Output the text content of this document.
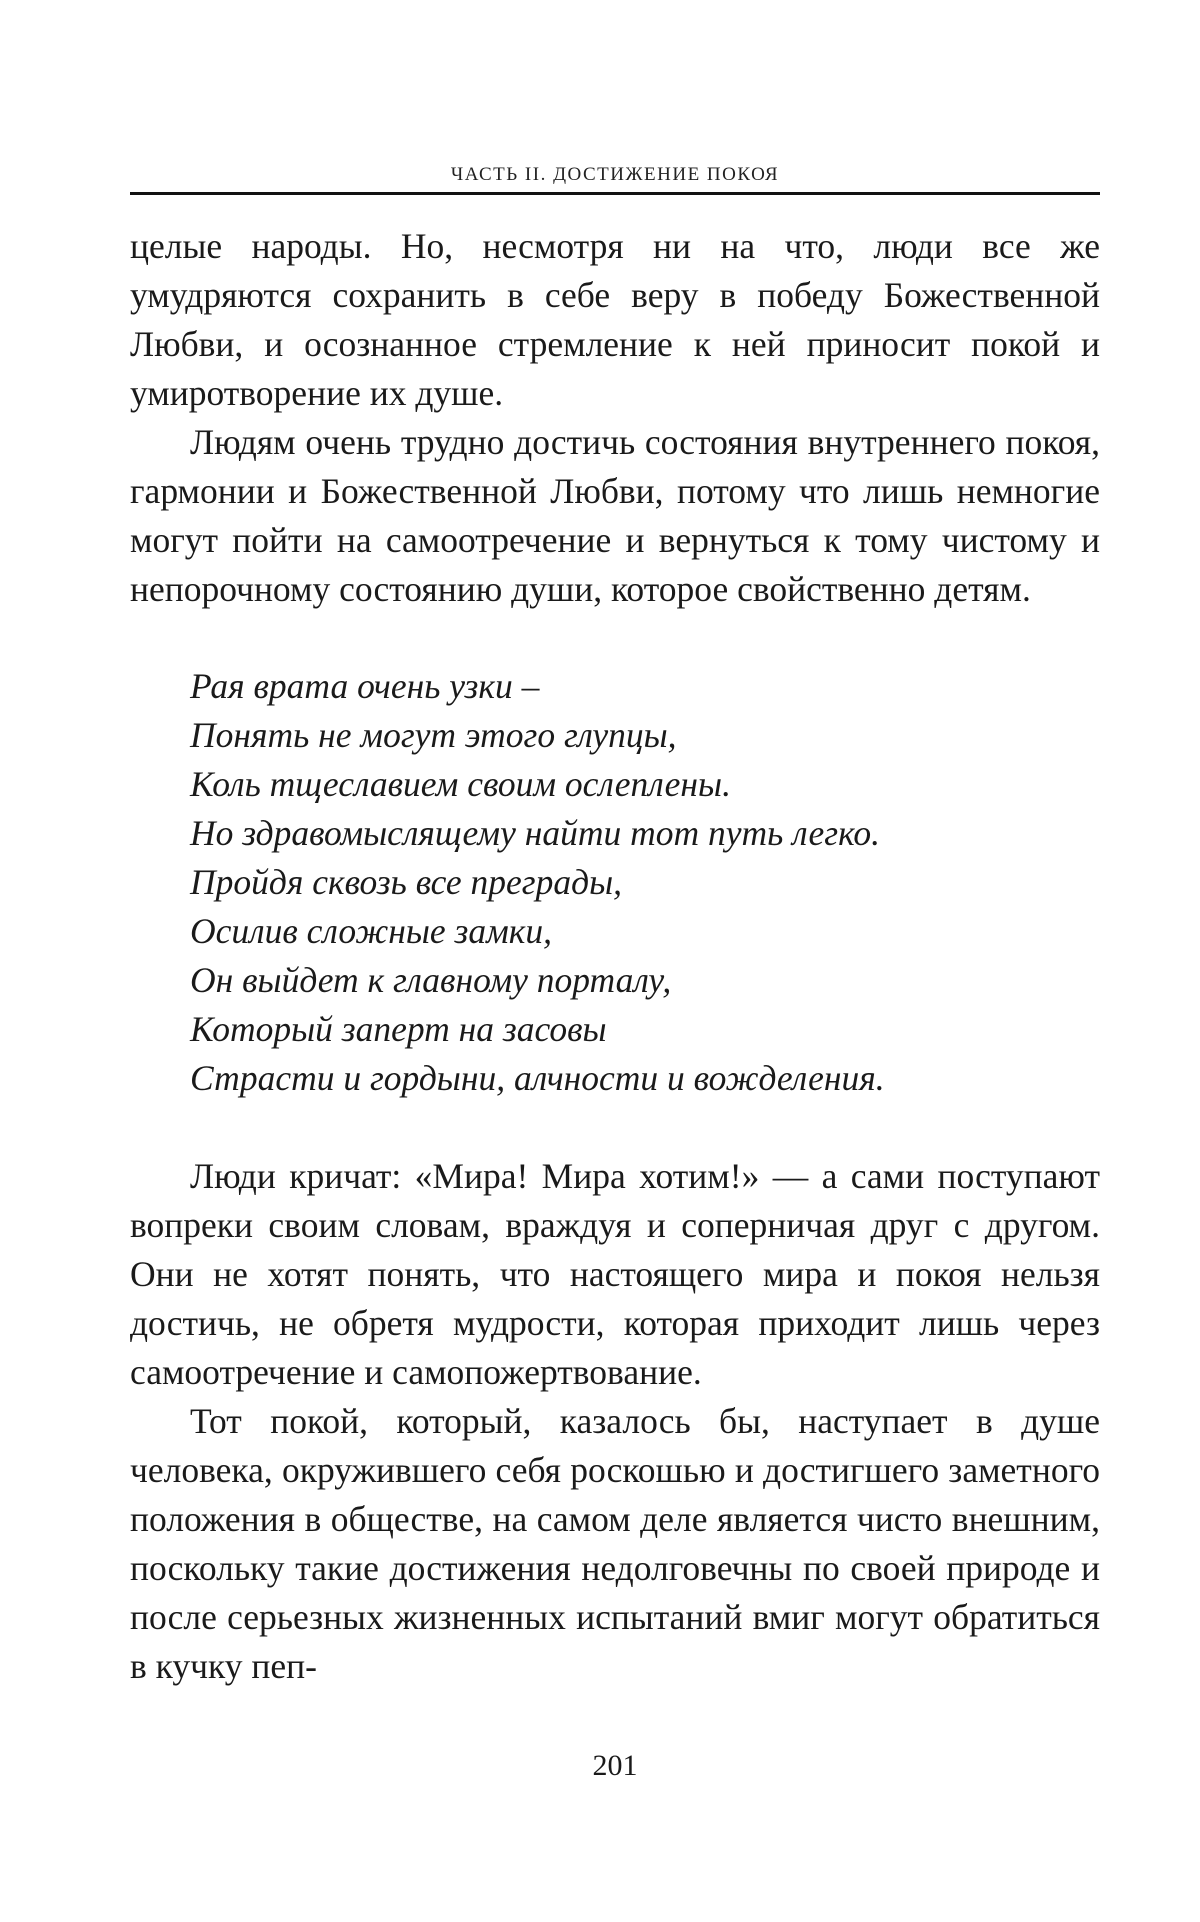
ЧАСТЬ II. ДОСТИЖЕНИЕ ПОКОЯ

целые народы. Но, несмотря ни на что, люди все же умудряются сохранить в себе веру в победу Божественной Любви, и осознанное стремление к ней приносит покой и умиротворение их душе.

Людям очень трудно достичь состояния внутреннего покоя, гармонии и Божественной Любви, потому что лишь немногие могут пойти на самоотречение и вернуться к тому чистому и непорочному состоянию души, которое свойственно детям.

Рая врата очень узки –
Понять не могут этого глупцы,
Коль тщеславием своим ослеплены.
Но здравомыслящему найти тот путь легко.
Пройдя сквозь все преграды,
Осилив сложные замки,
Он выйдет к главному порталу,
Который заперт на засовы
Страсти и гордыни, алчности и вожделения.

Люди кричат: «Мира! Мира хотим!» — а сами поступают вопреки своим словам, враждуя и соперничая друг с другом. Они не хотят понять, что настоящего мира и покоя нельзя достичь, не обретя мудрости, которая приходит лишь через самоотречение и самопожертвование.

Тот покой, который, казалось бы, наступает в душе человека, окружившего себя роскошью и достигшего заметного положения в обществе, на самом деле является чисто внешним, поскольку такие достижения недолговечны по своей природе и после серьезных жизненных испытаний вмиг могут обратиться в кучку пеп-

201
